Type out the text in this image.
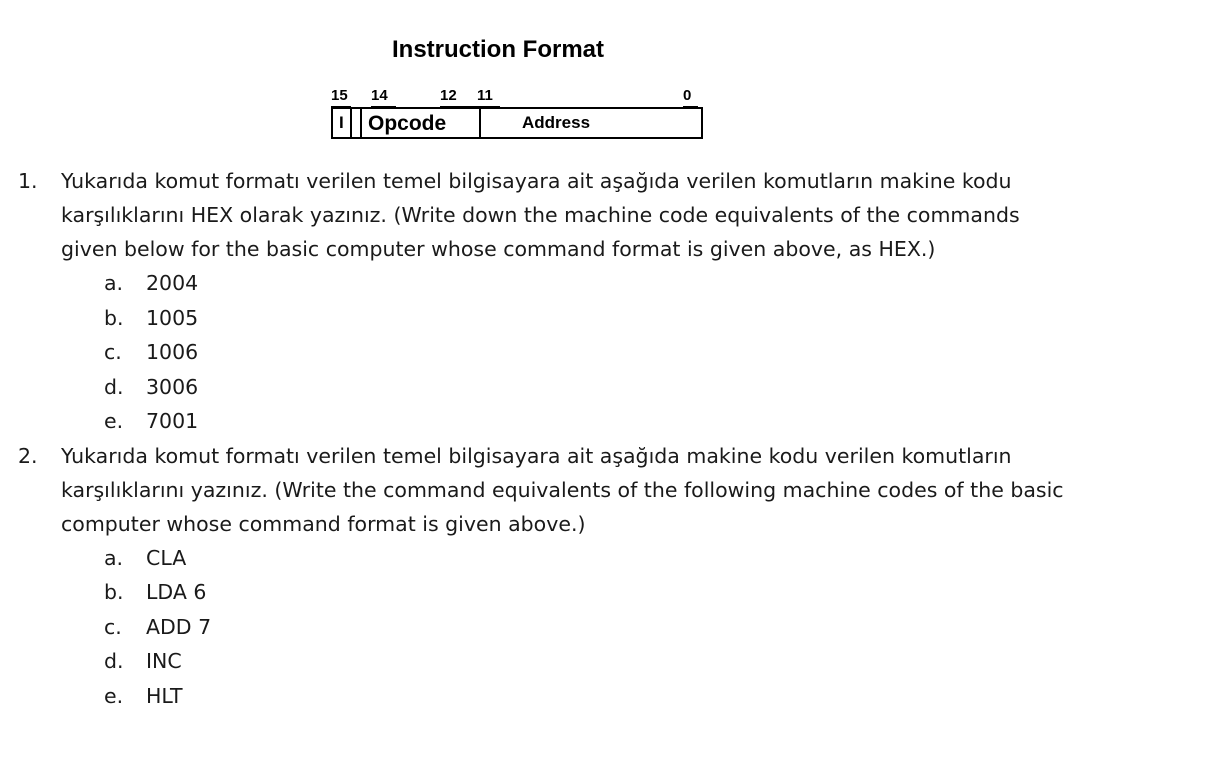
Instruction Format
15 14	12 11	0
I Opcode	Address
1. Yukarıda komut formatı verilen temel bilgisayara ait aşağıda verilen komutların makine kodu karşılıklarını HEX olarak yazınız. (Write down the machine code equivalents of the commands given below for the basic computer whose command format is given above, as HEX.)

a. 2004
b. 1005
c. 1006
d. 3006
e. 7001
2. Yukarıda komut formatı verilen temel bilgisayara ait aşağıda makine kodu verilen komutların karşılıklarını yazınız. (Write the command equivalents of the following machine codes of the basic computer whose command format is given above.)

a. CLA
b. LDA 6
c. ADD 7
d. INC
e. HLT
